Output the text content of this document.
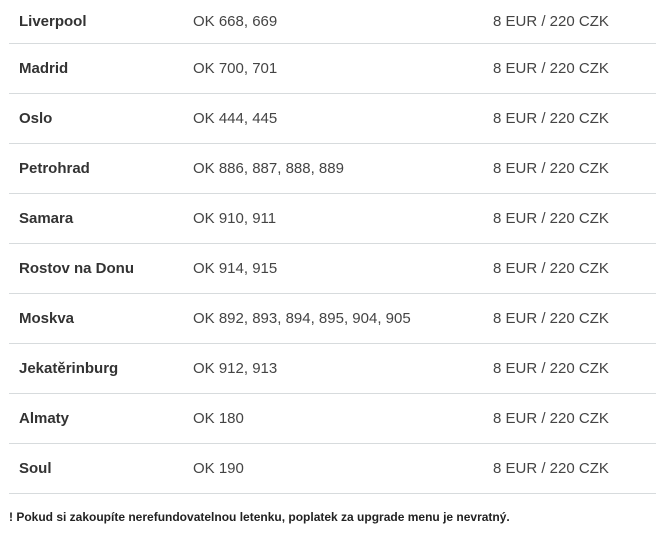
Liverpool	OK 668, 669	8 EUR / 220 CZK
Madrid	OK 700, 701	8 EUR / 220 CZK
Oslo	OK 444, 445	8 EUR / 220 CZK
Petrohrad	OK 886, 887, 888, 889	8 EUR / 220 CZK
Samara	OK 910, 911	8 EUR / 220 CZK
Rostov na Donu	OK 914, 915	8 EUR / 220 CZK
Moskva	OK 892, 893, 894, 895, 904, 905	8 EUR / 220 CZK
Jekatěrinburg	OK 912, 913	8 EUR / 220 CZK
Almaty	OK 180	8 EUR / 220 CZK
Soul	OK 190	8 EUR / 220 CZK
! Pokud si zakoupíte nerefundovatelnou letenku, poplatek za upgrade menu je nevratný.
